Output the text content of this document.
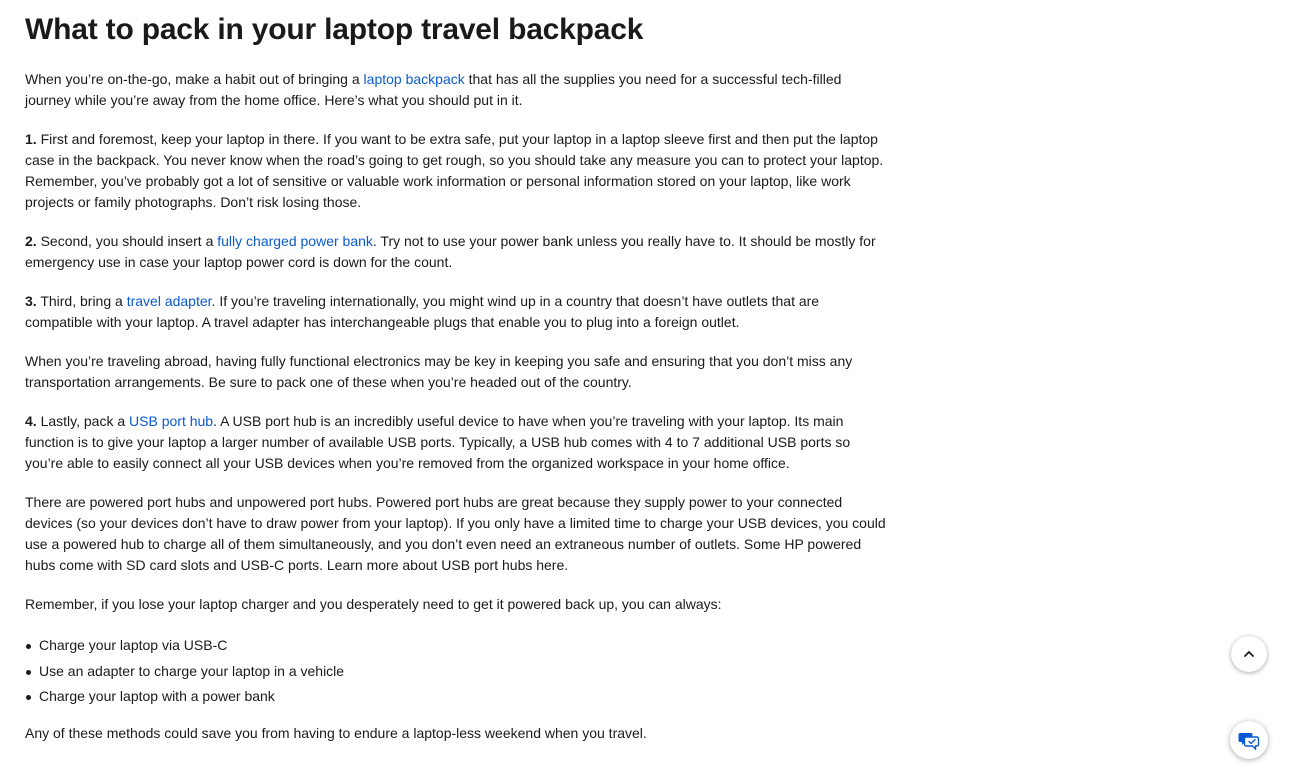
What to pack in your laptop travel backpack

When you’re on-the-go, make a habit out of bringing a laptop backpack that has all the supplies you need for a successful tech-filled journey while you’re away from the home office. Here’s what you should put in it.

1. First and foremost, keep your laptop in there. If you want to be extra safe, put your laptop in a laptop sleeve first and then put the laptop case in the backpack. You never know when the road’s going to get rough, so you should take any measure you can to protect your laptop. Remember, you’ve probably got a lot of sensitive or valuable work information or personal information stored on your laptop, like work projects or family photographs. Don’t risk losing those.

2. Second, you should insert a fully charged power bank. Try not to use your power bank unless you really have to. It should be mostly for emergency use in case your laptop power cord is down for the count.

3. Third, bring a travel adapter. If you’re traveling internationally, you might wind up in a country that doesn’t have outlets that are compatible with your laptop. A travel adapter has interchangeable plugs that enable you to plug into a foreign outlet.

When you’re traveling abroad, having fully functional electronics may be key in keeping you safe and ensuring that you don’t miss any transportation arrangements. Be sure to pack one of these when you’re headed out of the country.

4. Lastly, pack a USB port hub. A USB port hub is an incredibly useful device to have when you’re traveling with your laptop. Its main function is to give your laptop a larger number of available USB ports. Typically, a USB hub comes with 4 to 7 additional USB ports so you’re able to easily connect all your USB devices when you’re removed from the organized workspace in your home office.

There are powered port hubs and unpowered port hubs. Powered port hubs are great because they supply power to your connected devices (so your devices don’t have to draw power from your laptop). If you only have a limited time to charge your USB devices, you could use a powered hub to charge all of them simultaneously, and you don’t even need an extraneous number of outlets. Some HP powered hubs come with SD card slots and USB-C ports. Learn more about USB port hubs here.

Remember, if you lose your laptop charger and you desperately need to get it powered back up, you can always:

Charge your laptop via USB-C
Use an adapter to charge your laptop in a vehicle
Charge your laptop with a power bank

Any of these methods could save you from having to endure a laptop-less weekend when you travel.
